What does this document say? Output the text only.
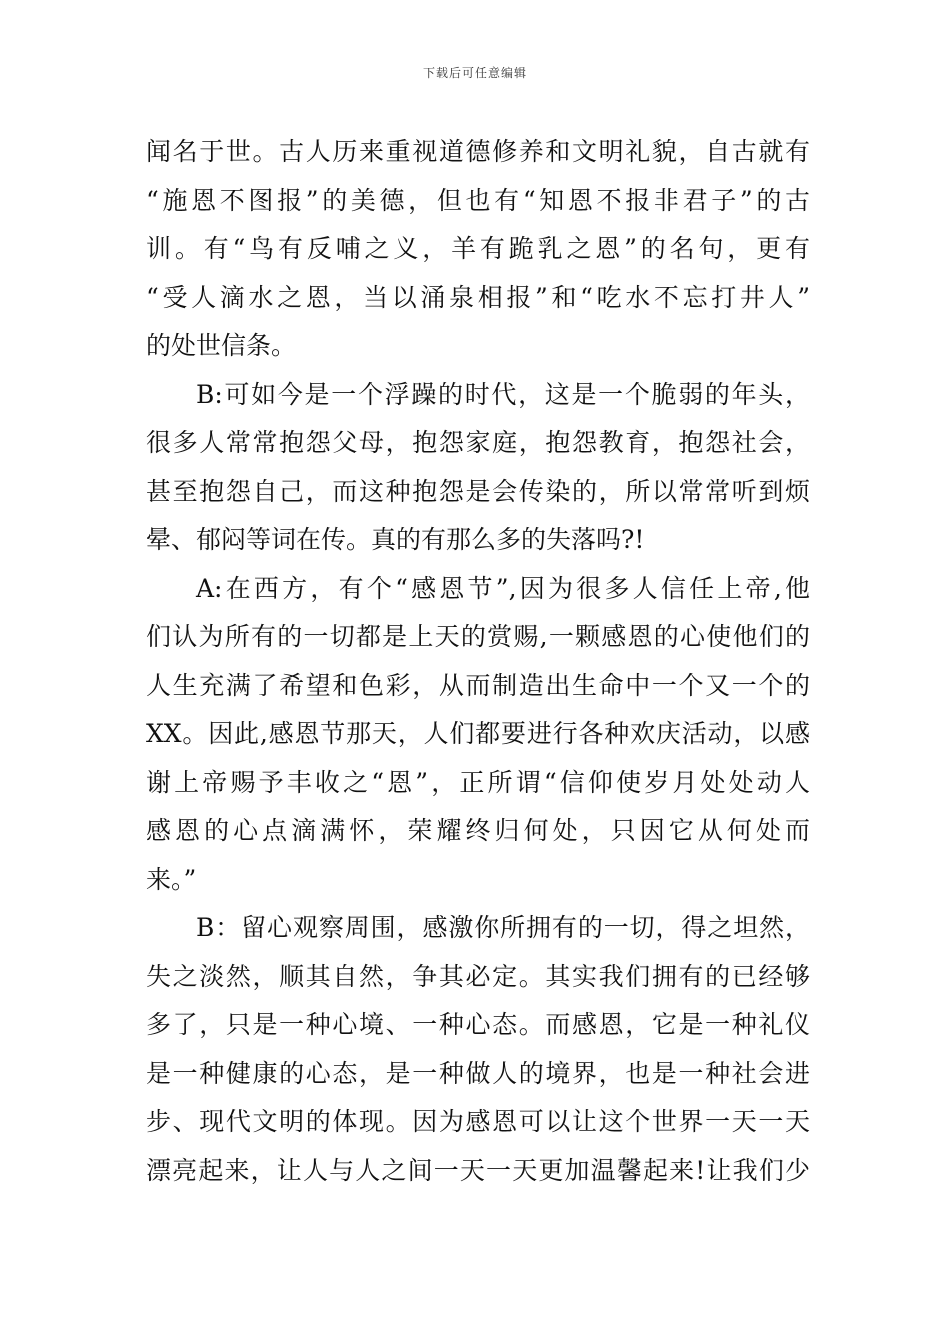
下载后可任意编辑
闻名于世。古人历来重视道德修养和文明礼貌，自古就有
“施恩不图报”的美德，但也有“知恩不报非君子”的古
训。有“鸟有反哺之义，羊有跪乳之恩”的名句，更有
“受人滴水之恩，当以涌泉相报”和“吃水不忘打井人”
的处世信条。
B:可如今是一个浮躁的时代，这是一个脆弱的年头，
很多人常常抱怨父母，抱怨家庭，抱怨教育，抱怨社会，
甚至抱怨自己，而这种抱怨是会传染的，所以常常听到烦
晕、郁闷等词在传。真的有那么多的失落吗?!
A:在西方，有个“感恩节”,因为很多人信任上帝,他
们认为所有的一切都是上天的赏赐,一颗感恩的心使他们的
人生充满了希望和色彩，从而制造出生命中一个又一个的
XX。因此,感恩节那天，人们都要进行各种欢庆活动，以感
谢上帝赐予丰收之“恩”，正所谓“信仰使岁月处处动人
感恩的心点滴满怀，荣耀终归何处，只因它从何处而
来。”
B：留心观察周围，感激你所拥有的一切，得之坦然，
失之淡然，顺其自然，争其必定。其实我们拥有的已经够
多了，只是一种心境、一种心态。而感恩，它是一种礼仪
是一种健康的心态，是一种做人的境界，也是一种社会进
步、现代文明的体现。因为感恩可以让这个世界一天一天
漂亮起来，让人与人之间一天一天更加温馨起来!让我们少
